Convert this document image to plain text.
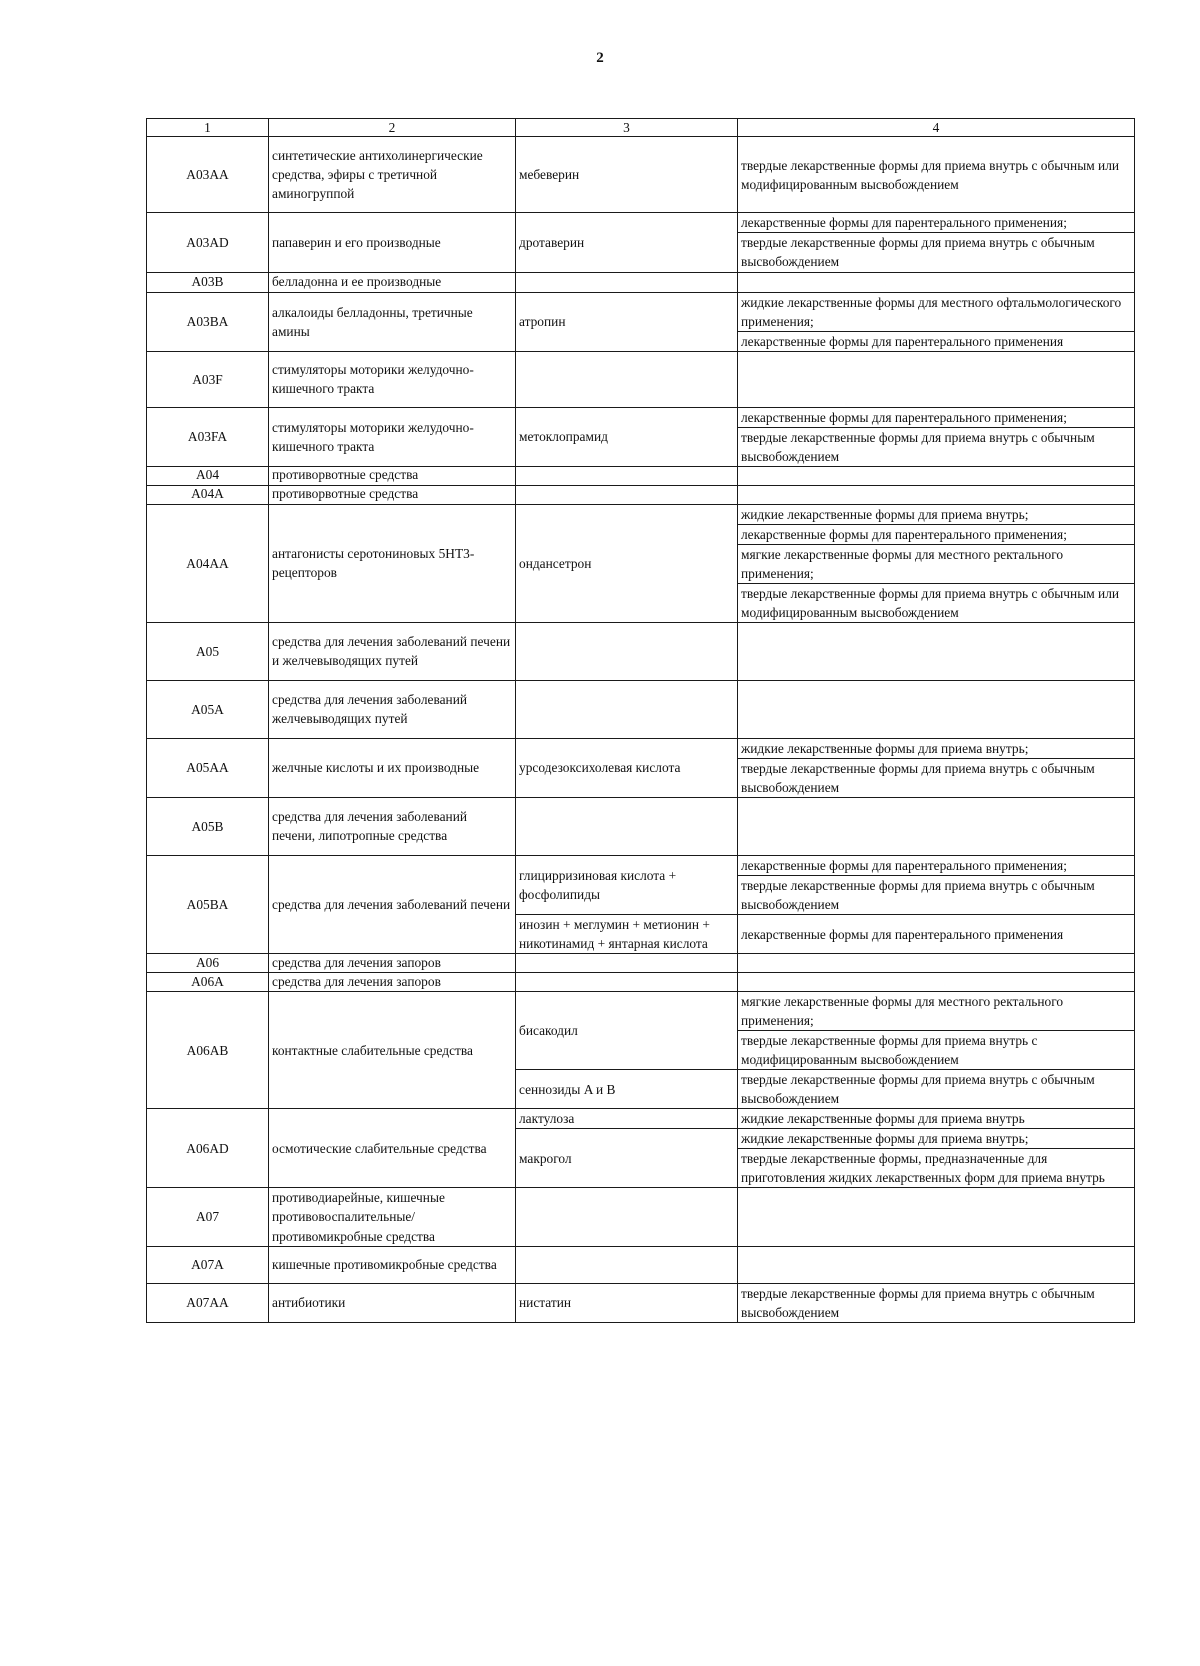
2
1	2	3	4
A03AA	синтетические антихолинергические средства, эфиры с третичной аминогруппой	мебеверин	твердые лекарственные формы для приема внутрь с обычным или модифицированным высвобождением
A03AD	папаверин и его производные	дротаверин	лекарственные формы для парентерального применения;
			твердые лекарственные формы для приема внутрь с обычным высвобождением
A03B	белладонна и ее производные		
A03BA	алкалоиды белладонны, третичные амины	атропин	жидкие лекарственные формы для местного офтальмологического применения;
			лекарственные формы для парентерального применения
A03F	стимуляторы моторики желудочно-кишечного тракта		
A03FA	стимуляторы моторики желудочно-кишечного тракта	метоклопрамид	лекарственные формы для парентерального применения;
			твердые лекарственные формы для приема внутрь с обычным высвобождением
A04	противорвотные средства		
A04A	противорвотные средства		
A04AA	антагонисты серотониновых 5HT3-рецепторов	ондансетрон	жидкие лекарственные формы для приема внутрь;
			лекарственные формы для парентерального применения;
			мягкие лекарственные формы для местного ректального применения;
			твердые лекарственные формы для приема внутрь с обычным или модифицированным высвобождением
A05	средства для лечения заболеваний печени и желчевыводящих путей		
A05A	средства для лечения заболеваний желчевыводящих путей		
A05AA	желчные кислоты и их производные	урсодезоксихолевая кислота	жидкие лекарственные формы для приема внутрь;
			твердые лекарственные формы для приема внутрь с обычным высвобождением
A05B	средства для лечения заболеваний печени, липотропные средства		
A05BA	средства для лечения заболеваний печени	глицирризиновая кислота + фосфолипиды	лекарственные формы для парентерального применения;
			твердые лекарственные формы для приема внутрь с обычным высвобождением
		инозин + меглумин + метионин + никотинамид + янтарная кислота	лекарственные формы для парентерального применения
A06	средства для лечения запоров		
A06A	средства для лечения запоров		
A06AB	контактные слабительные средства	бисакодил	мягкие лекарственные формы для местного ректального применения;
			твердые лекарственные формы для приема внутрь с модифицированным высвобождением
		сеннозиды A и B	твердые лекарственные формы для приема внутрь с обычным высвобождением
A06AD	осмотические слабительные средства	лактулоза	жидкие лекарственные формы для приема внутрь
		макрогол	жидкие лекарственные формы для приема внутрь;
			твердые лекарственные формы, предназначенные для приготовления жидких лекарственных форм для приема внутрь
A07	противодиарейные, кишечные противовоспалительные/противомикробные средства		
A07A	кишечные противомикробные средства		
A07AA	антибиотики	нистатин	твердые лекарственные формы для приема внутрь с обычным высвобождением
